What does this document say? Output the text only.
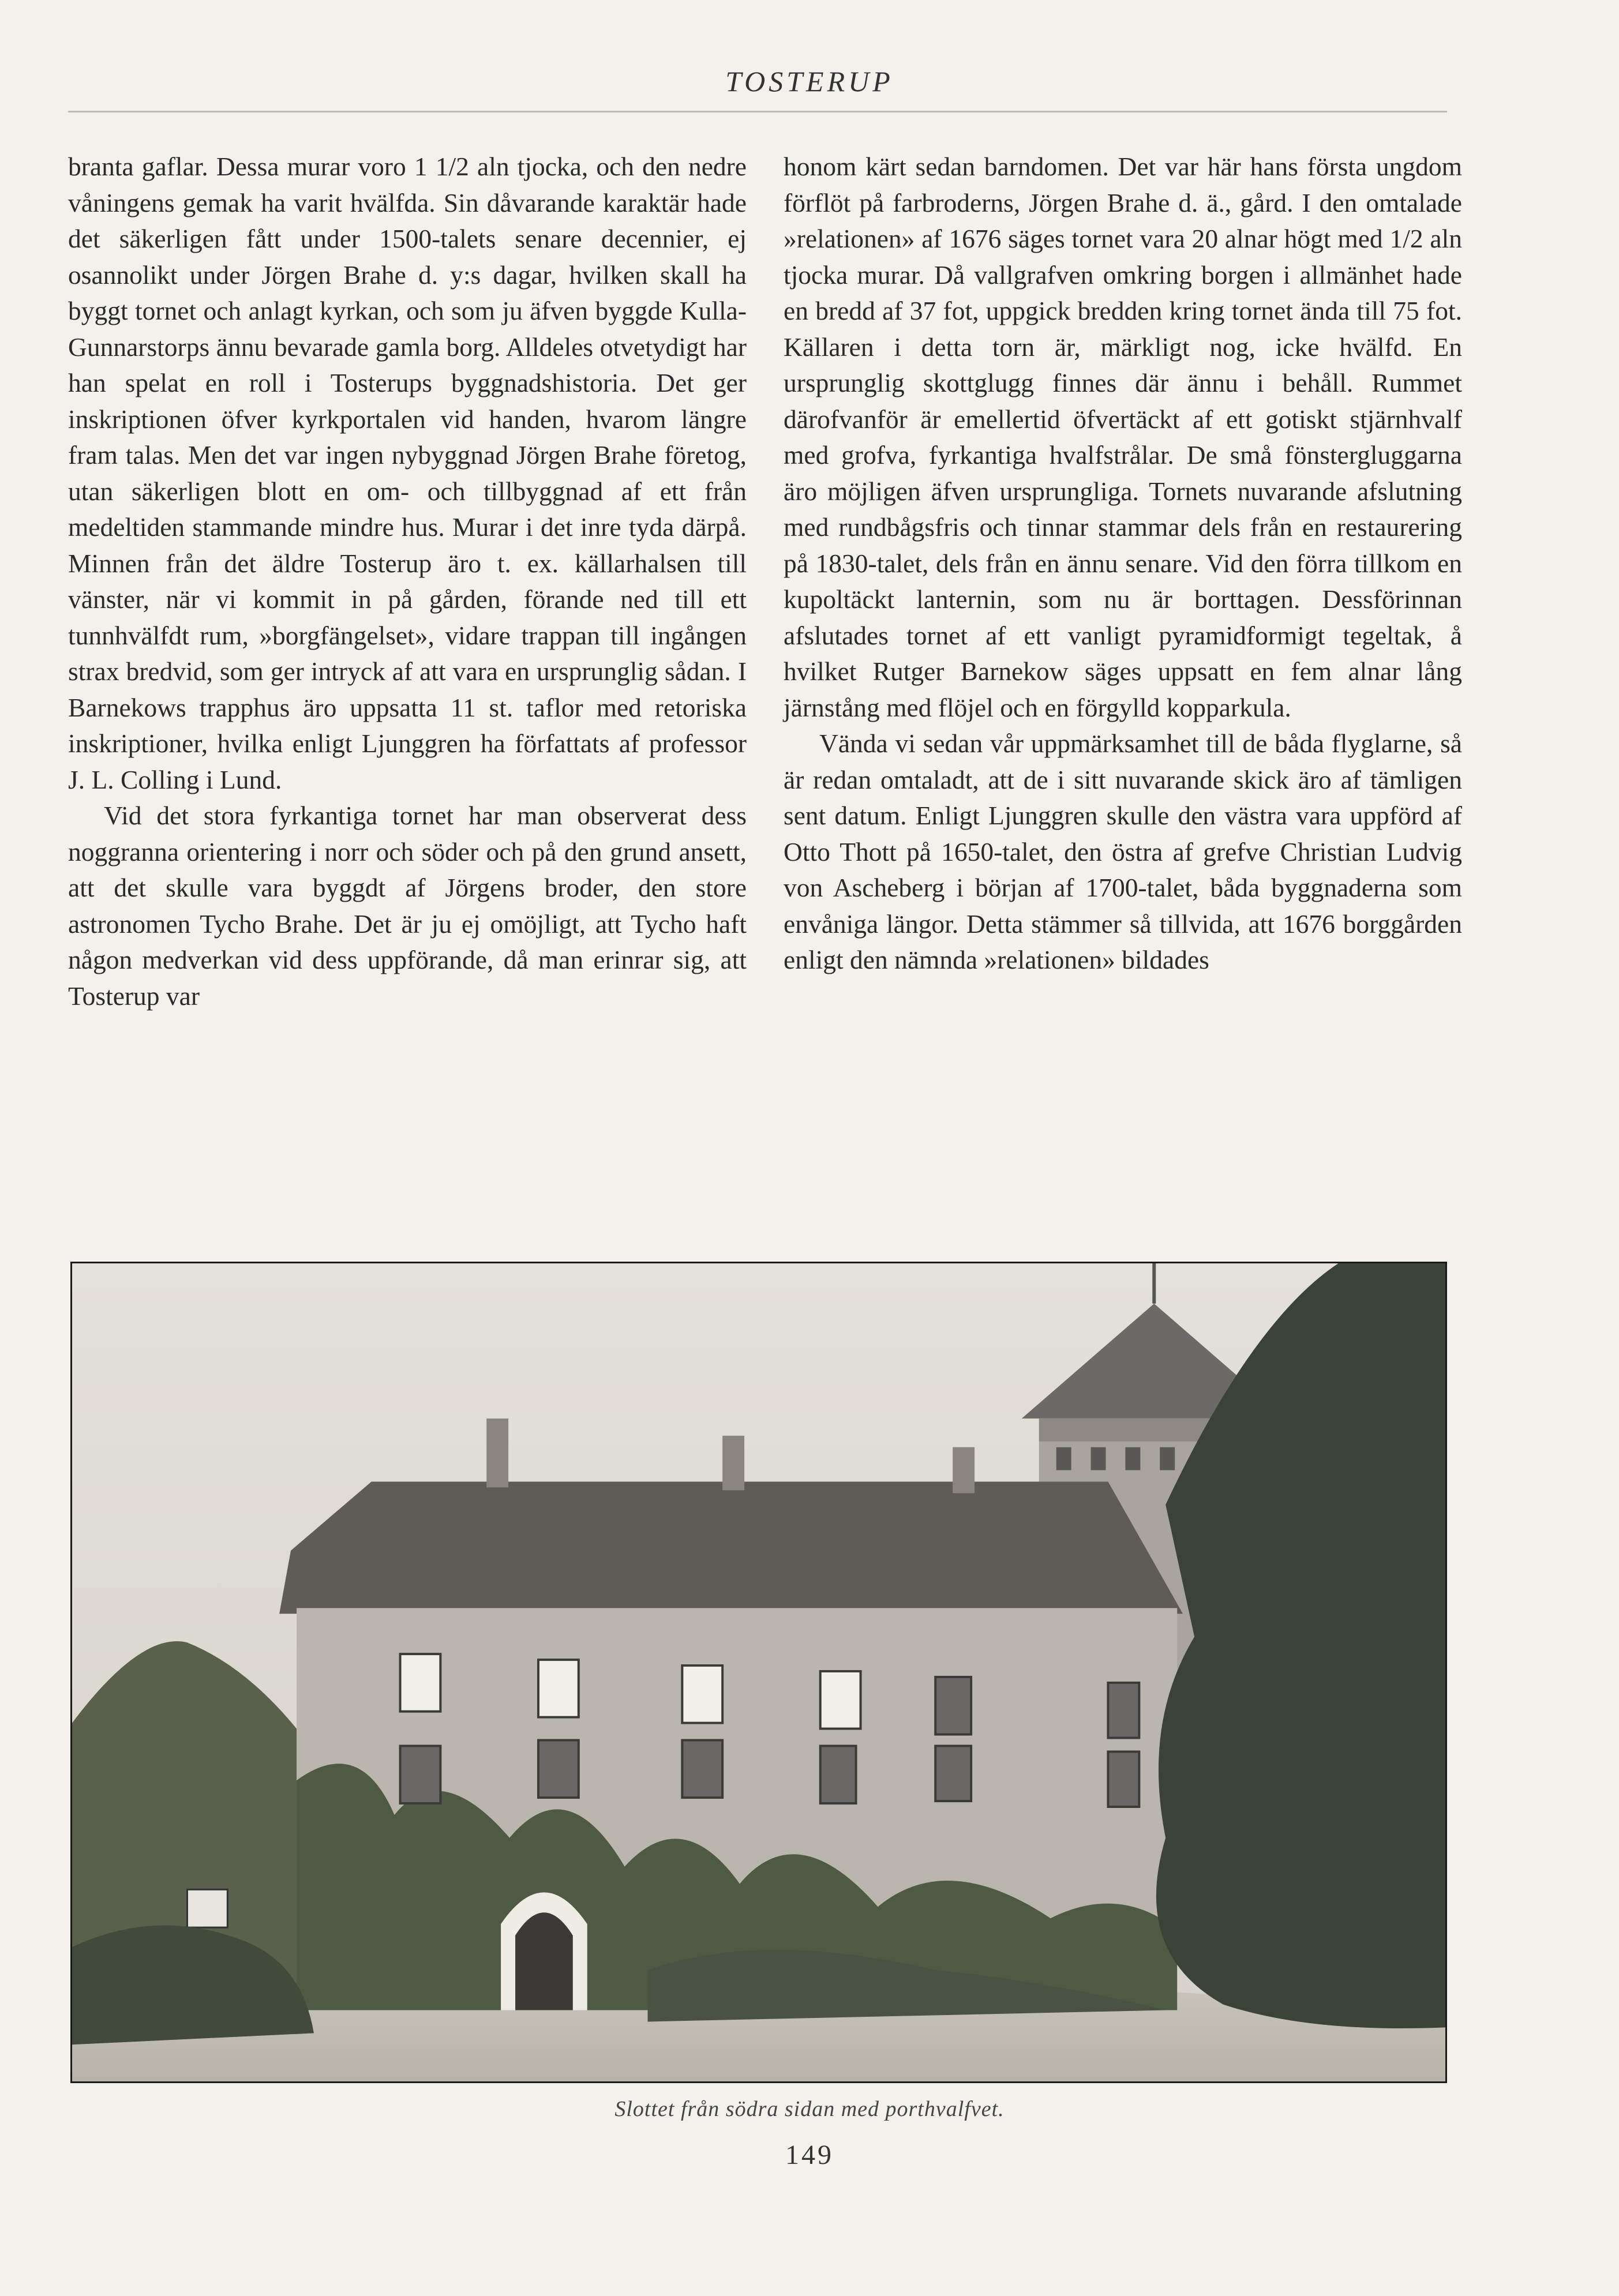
TOSTERUP

branta gaflar. Dessa murar voro 1 1/2 aln tjocka, och den nedre våningens gemak ha varit hvälfda. Sin dåvarande karaktär hade det säkerligen fått under 1500-talets senare decennier, ej osannolikt under Jörgen Brahe d. y:s dagar, hvilken skall ha byggt tornet och anlagt kyrkan, och som ju äfven byggde Kulla-Gunnarstorps ännu bevarade gamla borg. Alldeles otvetydigt har han spelat en roll i Tosterups byggnadshistoria. Det ger inskriptionen öfver kyrkportalen vid handen, hvarom längre fram talas. Men det var ingen nybyggnad Jörgen Brahe företog, utan säkerligen blott en om- och tillbyggnad af ett från medeltiden stammande mindre hus. Murar i det inre tyda därpå. Minnen från det äldre Tosterup äro t. ex. källarhalsen till vänster, när vi kommit in på gården, förande ned till ett tunnhvälfdt rum, »borgfängelset», vidare trappan till ingången strax bredvid, som ger intryck af att vara en ursprunglig sådan. I Barnekows trapphus äro uppsatta 11 st. taflor med retoriska inskriptioner, hvilka enligt Ljunggren ha författats af professor J. L. Colling i Lund.

Vid det stora fyrkantiga tornet har man observerat dess noggranna orientering i norr och söder och på den grund ansett, att det skulle vara byggdt af Jörgens broder, den store astronomen Tycho Brahe. Det är ju ej omöjligt, att Tycho haft någon medverkan vid dess uppförande, då man erinrar sig, att Tosterup var

honom kärt sedan barndomen. Det var här hans första ungdom förflöt på farbroderns, Jörgen Brahe d. ä., gård. I den omtalade »relationen» af 1676 säges tornet vara 20 alnar högt med 1/2 aln tjocka murar. Då vallgrafven omkring borgen i allmänhet hade en bredd af 37 fot, uppgick bredden kring tornet ända till 75 fot. Källaren i detta torn är, märkligt nog, icke hvälfd. En ursprunglig skottglugg finnes där ännu i behåll. Rummet därofvanför är emellertid öfvertäckt af ett gotiskt stjärnhvalf med grofva, fyrkantiga hvalfstrålar. De små fönstergluggarna äro möjligen äfven ursprungliga. Tornets nuvarande afslutning med rundbågsfris och tinnar stammar dels från en restaurering på 1830-talet, dels från en ännu senare. Vid den förra tillkom en kupoltäckt lanternin, som nu är borttagen. Dessförinnan afslutades tornet af ett vanligt pyramidformigt tegeltak, å hvilket Rutger Barnekow säges uppsatt en fem alnar lång järnstång med flöjel och en förgylld kopparkula.

Vända vi sedan vår uppmärksamhet till de båda flyglarne, så är redan omtaladt, att de i sitt nuvarande skick äro af tämligen sent datum. Enligt Ljunggren skulle den västra vara uppförd af Otto Thott på 1650-talet, den östra af grefve Christian Ludvig von Ascheberg i början af 1700-talet, båda byggnaderna som envåniga längor. Detta stämmer så tillvida, att 1676 borggården enligt den nämnda »relationen» bildades

Slottet från södra sidan med porthvalfvet.
149
